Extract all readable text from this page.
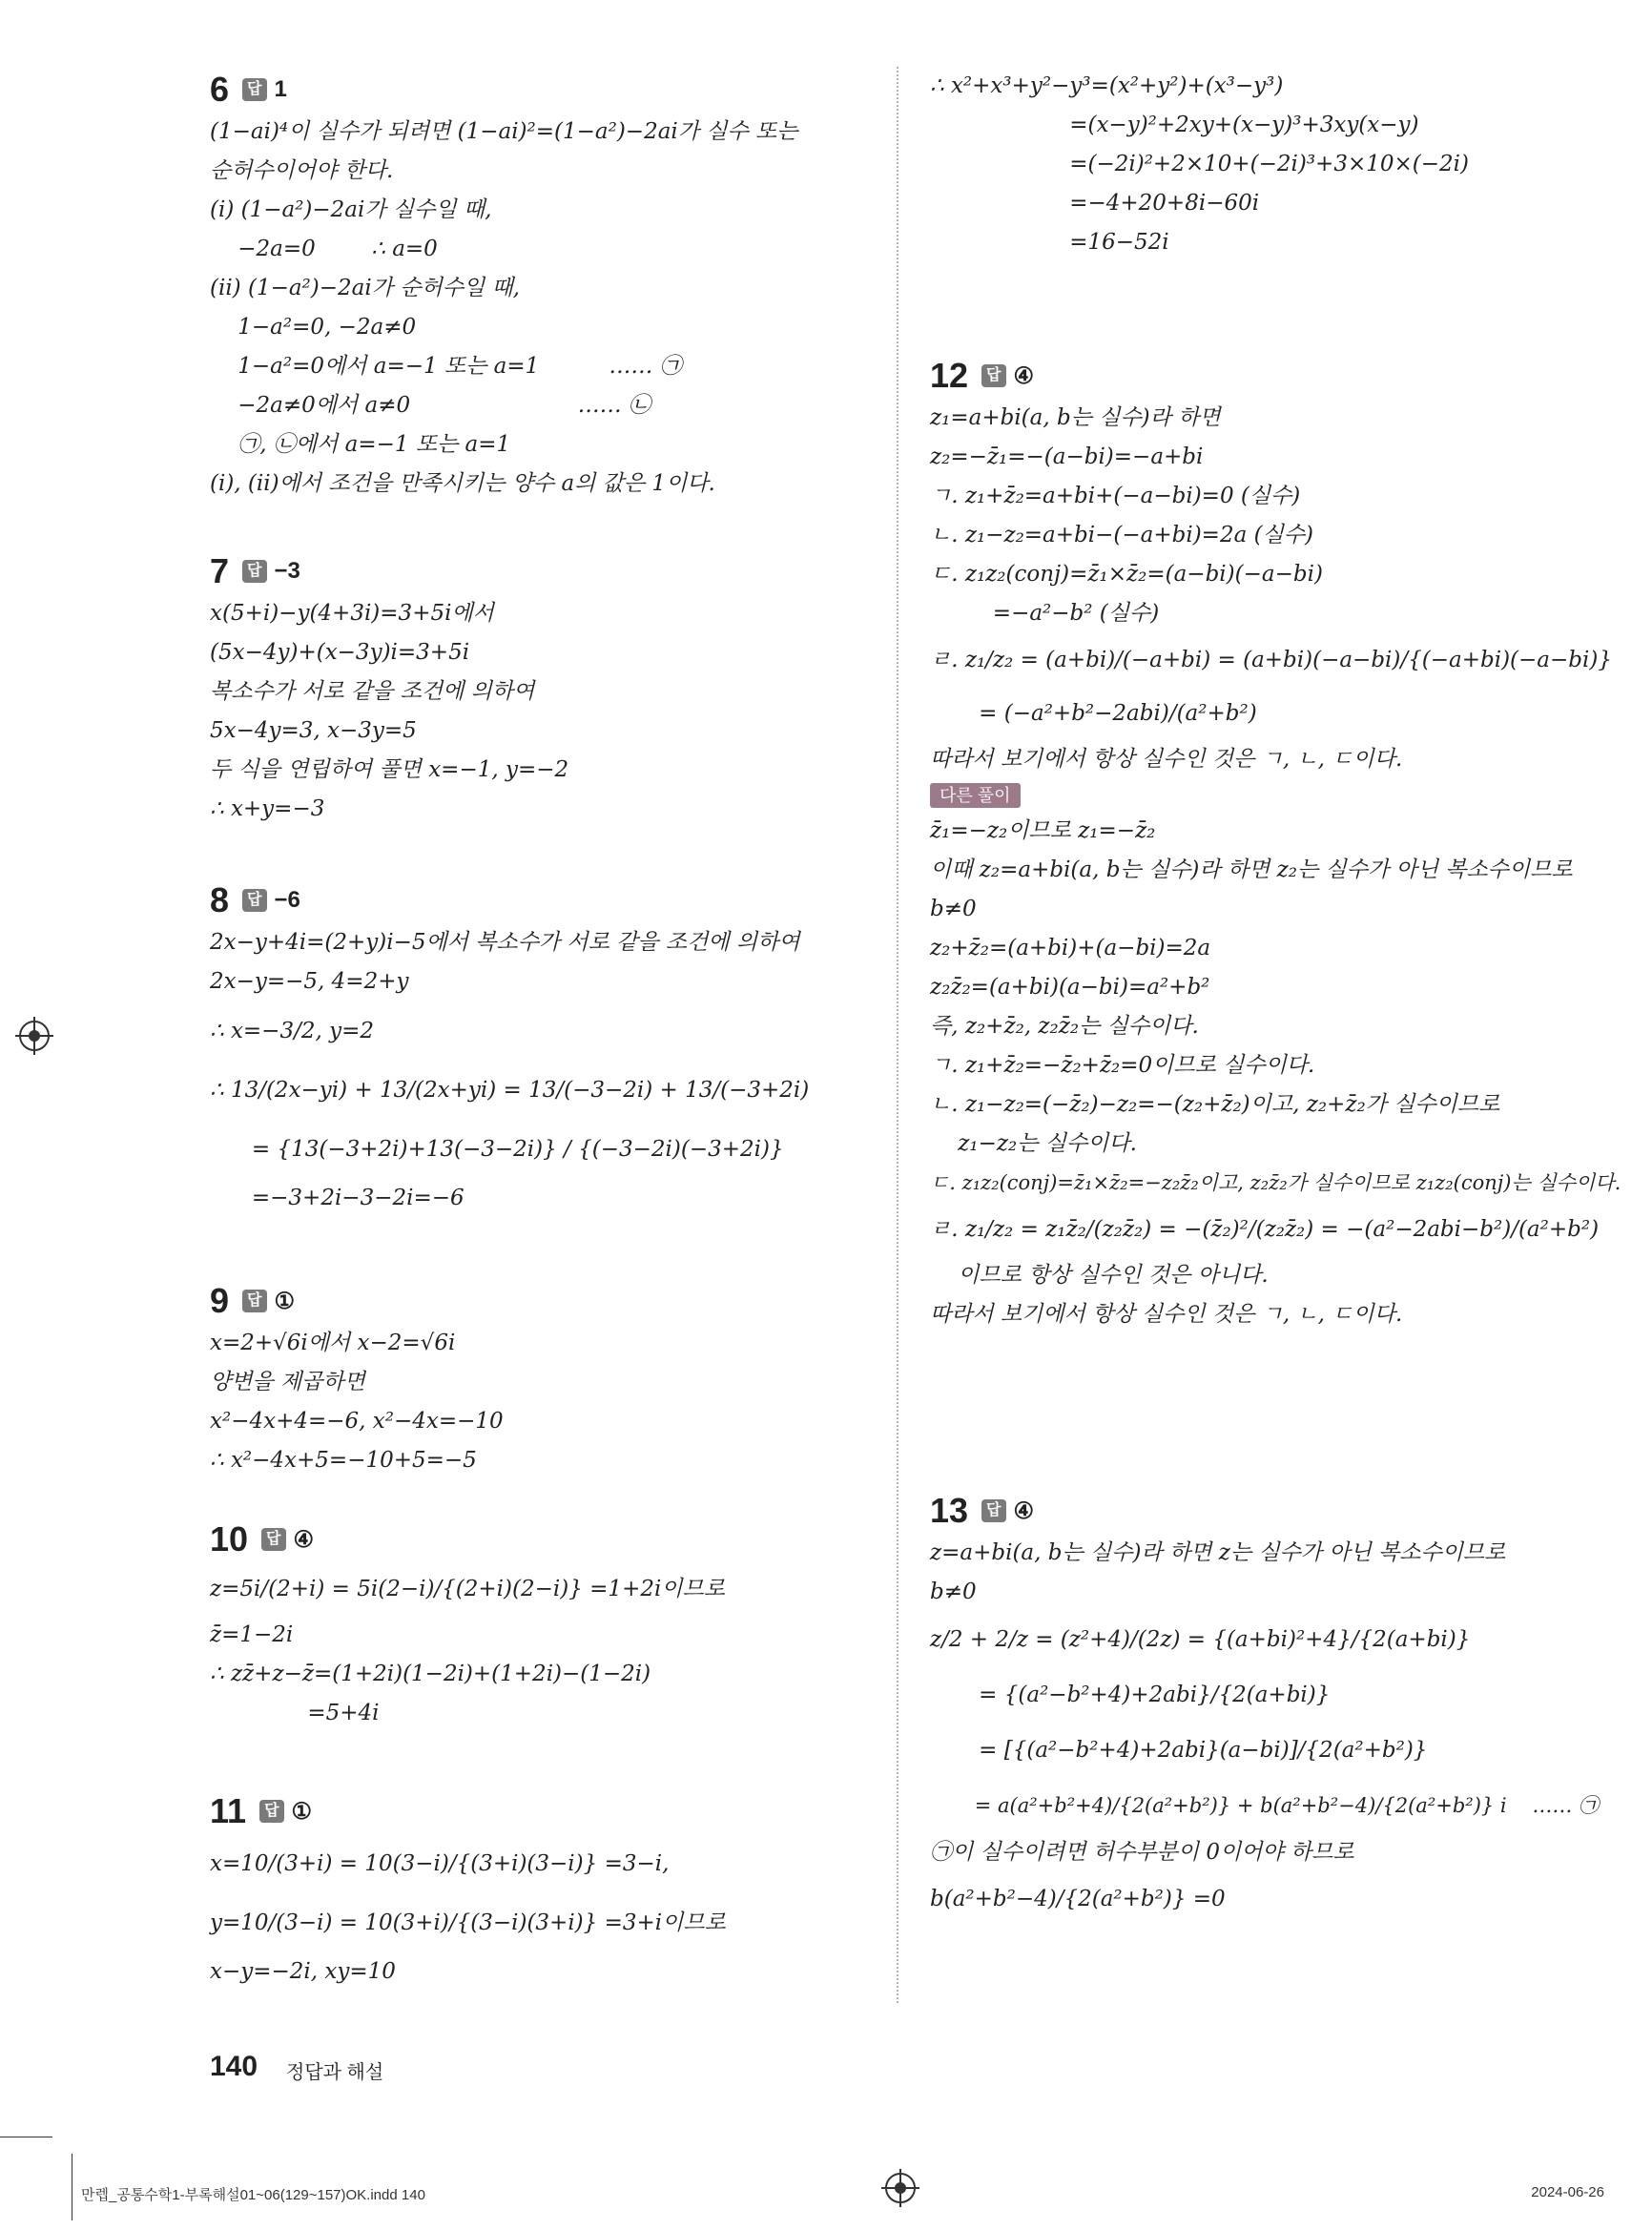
6	답 1
(1−ai)⁴이 실수가 되려면 (1−ai)²=(1−a²)−2ai가 실수 또는
순허수이어야 한다.
(i) (1−a²)−2ai가 실수일 때,
−2a=0        ∴ a=0
(ii) (1−a²)−2ai가 순허수일 때,
1−a²=0, −2a≠0
1−a²=0에서 a=−1 또는 a=1          …… ㉠
−2a≠0에서 a≠0                        …… ㉡
㉠, ㉡에서 a=−1 또는 a=1
(i), (ii)에서 조건을 만족시키는 양수 a의 값은 1이다.
7	답 −3
x(5+i)−y(4+3i)=3+5i에서
(5x−4y)+(x−3y)i=3+5i
복소수가 서로 같을 조건에 의하여
5x−4y=3, x−3y=5
두 식을 연립하여 풀면 x=−1, y=−2
∴ x+y=−3
8	답 −6
2x−y+4i=(2+y)i−5에서 복소수가 서로 같을 조건에 의하여
2x−y=−5, 4=2+y
∴ x=−3/2, y=2
∴ 13/(2x−yi) + 13/(2x+yi) = 13/(−3−2i) + 13/(−3+2i)
= {13(−3+2i)+13(−3−2i)} / {(−3−2i)(−3+2i)}
=−3+2i−3−2i=−6
9	답 ①
x=2+√6i에서 x−2=√6i
양변을 제곱하면
x²−4x+4=−6, x²−4x=−10
∴ x²−4x+5=−10+5=−5
10	답 ④
z=5i/(2+i) = 5i(2−i)/{(2+i)(2−i)} =1+2i이므로
z̄=1−2i
∴ zz̄+z−z̄=(1+2i)(1−2i)+(1+2i)−(1−2i)
=5+4i
11	답 ①
x=10/(3+i) = 10(3−i)/{(3+i)(3−i)} =3−i,
y=10/(3−i) = 10(3+i)/{(3−i)(3+i)} =3+i이므로
x−y=−2i, xy=10
∴ x²+x³+y²−y³=(x²+y²)+(x³−y³)
=(x−y)²+2xy+(x−y)³+3xy(x−y)
=(−2i)²+2×10+(−2i)³+3×10×(−2i)
=−4+20+8i−60i
=16−52i
12	답 ④
z₁=a+bi(a, b는 실수)라 하면
z₂=−z̄₁=−(a−bi)=−a+bi
ㄱ. z₁+z̄₂=a+bi+(−a−bi)=0 (실수)
ㄴ. z₁−z₂=a+bi−(−a+bi)=2a (실수)
ㄷ. z₁z₂(conj)=z̄₁×z̄₂=(a−bi)(−a−bi)
=−a²−b² (실수)
ㄹ. z₁/z₂ = (a+bi)/(−a+bi) = (a+bi)(−a−bi)/{(−a+bi)(−a−bi)}
= (−a²+b²−2abi)/(a²+b²)
따라서 보기에서 항상 실수인 것은 ㄱ, ㄴ, ㄷ이다.
다른 풀이
z̄₁=−z₂이므로 z₁=−z̄₂
이때 z₂=a+bi(a, b는 실수)라 하면 z₂는 실수가 아닌 복소수이므로
b≠0
z₂+z̄₂=(a+bi)+(a−bi)=2a
z₂z̄₂=(a+bi)(a−bi)=a²+b²
즉, z₂+z̄₂, z₂z̄₂는 실수이다.
ㄱ. z₁+z̄₂=−z̄₂+z̄₂=0이므로 실수이다.
ㄴ. z₁−z₂=(−z̄₂)−z₂=−(z₂+z̄₂)이고, z₂+z̄₂가 실수이므로
z₁−z₂는 실수이다.
ㄷ. z₁z₂(conj)=z̄₁×z̄₂=−z₂z̄₂이고, z₂z̄₂가 실수이므로 z₁z₂(conj)는 실수이다.
ㄹ. z₁/z₂ = z₁z̄₂/(z₂z̄₂) = −(z̄₂)²/(z₂z̄₂) = −(a²−2abi−b²)/(a²+b²)
이므로 항상 실수인 것은 아니다.
따라서 보기에서 항상 실수인 것은 ㄱ, ㄴ, ㄷ이다.
13	답 ④
z=a+bi(a, b는 실수)라 하면 z는 실수가 아닌 복소수이므로
b≠0
z/2 + 2/z = (z²+4)/(2z) = {(a+bi)²+4}/{2(a+bi)}
= {(a²−b²+4)+2abi}/{2(a+bi)}
= [{(a²−b²+4)+2abi}(a−bi)]/{2(a²+b²)}
= a(a²+b²+4)/{2(a²+b²)} + b(a²+b²−4)/{2(a²+b²)} i    …… ㉠
㉠이 실수이려면 허수부분이 0이어야 하므로
b(a²+b²−4)/{2(a²+b²)} =0
140 정답과 해설
만렙_공통수학1-부록해설01~06(129~157)OK.indd 140	2024-06-26
